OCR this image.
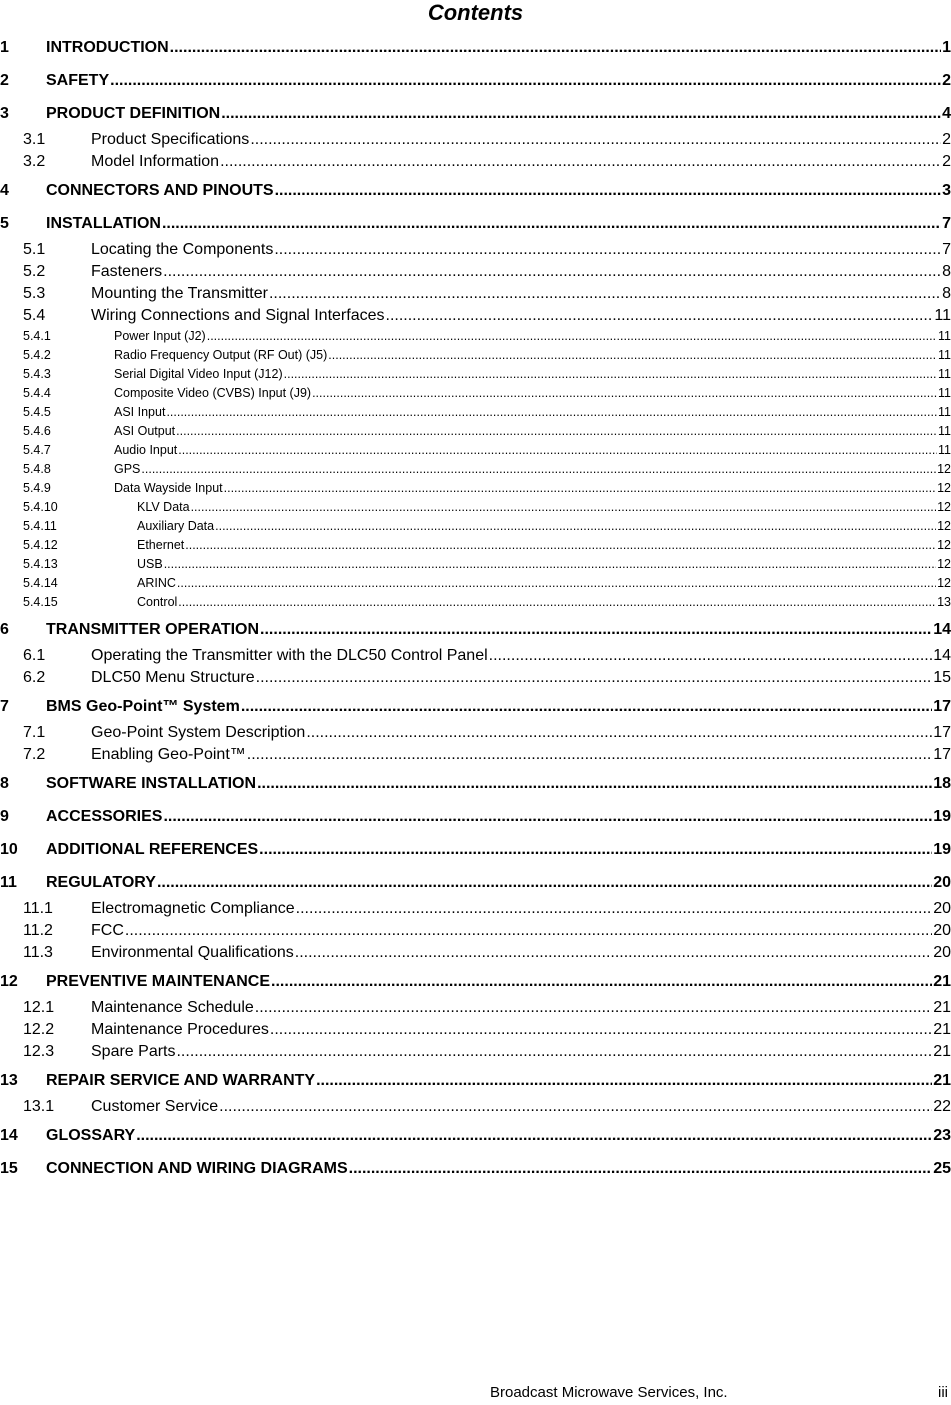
Contents
1 INTRODUCTION .....	1
2 SAFETY .....	2
3 PRODUCT DEFINITION .....	4
3.1	Product Specifications .....	2
3.2	Model Information .....	2
4 CONNECTORS AND PINOUTS .....	3
5 INSTALLATION .....	7
5.1	Locating the Components .....	7
5.2	Fasteners .....	8
5.3	Mounting the Transmitter .....	8
5.4	Wiring Connections and Signal Interfaces .....	11
5.4.1	Power Input (J2) .....	11
5.4.2	Radio Frequency Output (RF Out) (J5) .....	11
5.4.3	Serial Digital Video Input (J12) .....	11
5.4.4	Composite Video (CVBS) Input (J9) .....	11
5.4.5	ASI Input .....	11
5.4.6	ASI Output .....	11
5.4.7	Audio Input .....	11
5.4.8	GPS .....	12
5.4.9	Data Wayside Input .....	12
5.4.10	KLV Data .....	12
5.4.11	Auxiliary Data .....	12
5.4.12	Ethernet .....	12
5.4.13	USB .....	12
5.4.14	ARINC .....	12
5.4.15	Control .....	13
6 TRANSMITTER OPERATION .....	14
6.1	Operating the Transmitter with the DLC50 Control Panel .....	14
6.2	DLC50 Menu Structure .....	15
7 BMS Geo-Point™ System .....	17
7.1	Geo-Point System Description .....	17
7.2	Enabling Geo-Point™ .....	17
8 SOFTWARE INSTALLATION .....	18
9 ACCESSORIES .....	19
10 ADDITIONAL REFERENCES .....	19
11 REGULATORY .....	20
11.1 Electromagnetic Compliance .....	20
11.2 FCC .....	20
11.3 Environmental Qualifications .....	20
12 PREVENTIVE MAINTENANCE .....	21
12.1 Maintenance Schedule .....	21
12.2 Maintenance Procedures .....	21
12.3 Spare Parts .....	21
13 REPAIR SERVICE AND WARRANTY .....	21
13.1 Customer Service .....	22
14 GLOSSARY .....	23
15 CONNECTION AND WIRING DIAGRAMS .....	25
Broadcast Microwave Services, Inc.	iii
